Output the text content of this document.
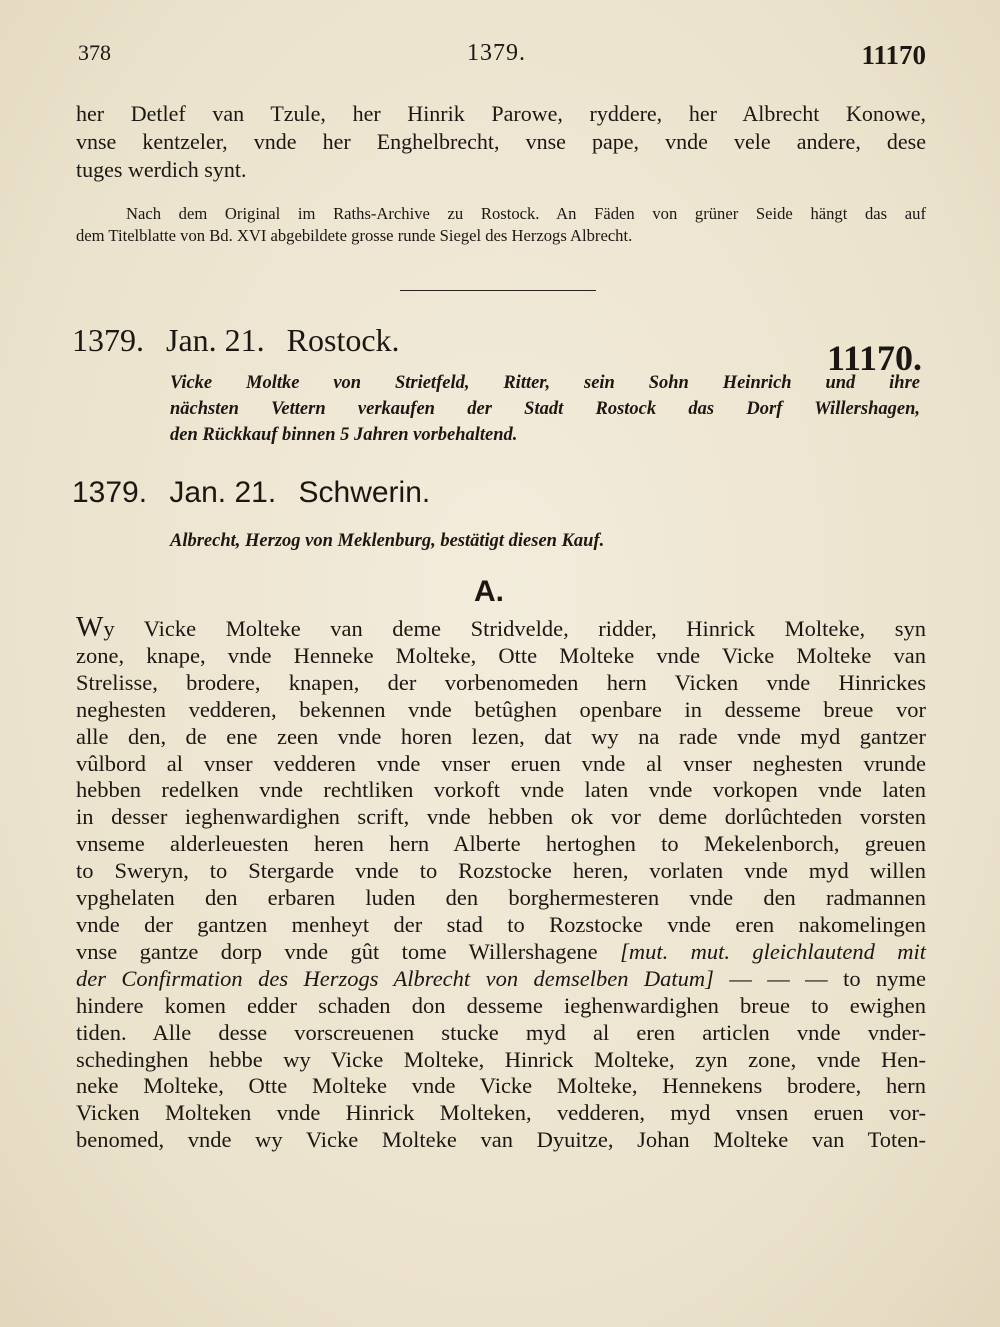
378	1379.	11170

her Detlef van Tzule, her Hinrik Parowe, ryddere, her Albrecht Konowe,

vnse kentzeler, vnde her Enghelbrecht, vnse pape, vnde vele andere, dese

tuges werdich synt.

Nach dem Original im Raths-Archive zu Rostock. An Fäden von grüner Seide hängt das auf

dem Titelblatte von Bd. XVI abgebildete grosse runde Siegel des Herzogs Albrecht.

1379. Jan. 21. Rostock.	11170.

Vicke Moltke von Strietfeld, Ritter, sein Sohn Heinrich und ihre

nächsten Vettern verkaufen der Stadt Rostock das Dorf Willershagen,

den Rückkauf binnen 5 Jahren vorbehaltend.

1379. Jan. 21. Schwerin.

Albrecht, Herzog von Meklenburg, bestätigt diesen Kauf.

A.

Wy Vicke Molteke van deme Stridvelde, ridder, Hinrick Molteke, syn

zone, knape, vnde Henneke Molteke, Otte Molteke vnde Vicke Molteke van

Strelisse, brodere, knapen, der vorbenomeden hern Vicken vnde Hinrickes

neghesten vedderen, bekennen vnde betûghen openbare in desseme breue vor

alle den, de ene zeen vnde horen lezen, dat wy na rade vnde myd gantzer

vûlbord al vnser vedderen vnde vnser eruen vnde al vnser neghesten vrunde

hebben redelken vnde rechtliken vorkoft vnde laten vnde vorkopen vnde laten

in desser ieghenwardighen scrift, vnde hebben ok vor deme dorlûchteden vorsten

vnseme alderleuesten heren hern Alberte hertoghen to Mekelenborch, greuen

to Sweryn, to Stergarde vnde to Rozstocke heren, vorlaten vnde myd willen

vpghelaten den erbaren luden den borghermesteren vnde den radmannen

vnde der gantzen menheyt der stad to Rozstocke vnde eren nakomelingen

vnse gantze dorp vnde gût tome Willershagene [mut. mut. gleichlautend mit

der Confirmation des Herzogs Albrecht von demselben Datum] — — — to nyme

hindere komen edder schaden don desseme ieghenwardighen breue to ewighen

tiden. Alle desse vorscreuenen stucke myd al eren articlen vnde vnder-

schedinghen hebbe wy Vicke Molteke, Hinrick Molteke, zyn zone, vnde Hen-

neke Molteke, Otte Molteke vnde Vicke Molteke, Hennekens brodere, hern

Vicken Molteken vnde Hinrick Molteken, vedderen, myd vnsen eruen vor-

benomed, vnde wy Vicke Molteke van Dyuitze, Johan Molteke van Toten-
